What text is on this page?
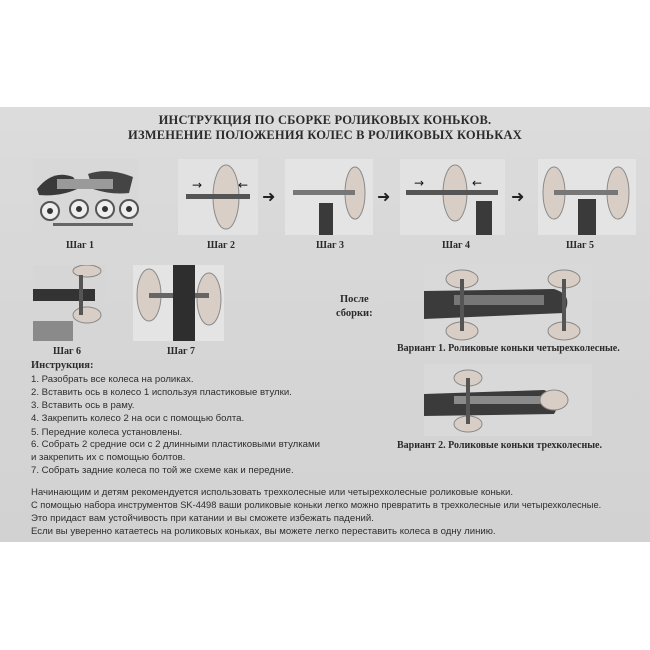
ИНСТРУКЦИЯ ПО СБОРКЕ РОЛИКОВЫХ КОНЬКОВ.
ИЗМЕНЕНИЕ ПОЛОЖЕНИЯ КОЛЕС В РОЛИКОВЫХ КОНЬКАХ
Шаг 1
→	←
Шаг 2
➜
Шаг 3
➜
→	←
Шаг 4
➜
Шаг 5
Шаг 6	Шаг 7
После
сборки:
Вариант 1. Роликовые коньки четырехколесные.
Вариант 2. Роликовые коньки трехколесные.
Инструкция:
1. Разобрать все колеса на роликах.
2. Вставить ось в колесо 1 используя пластиковые втулки.
3. Вставить ось в раму.
4. Закрепить колесо 2 на оси с помощью болта.
5. Передние колеса установлены.
6. Собрать 2 средние оси с 2 длинными пластиковыми втулками
и закрепить их с помощью болтов.
7. Собрать задние колеса по той же схеме как и передние.
Начинающим и детям рекомендуется использовать трехколесные или четырехколесные роликовые коньки.
С помощью набора инструментов SK-4498 ваши роликовые коньки легко можно превратить в трехколесные или четырехколесные.
Это придаст вам устойчивость при катании и вы сможете избежать падений.
Если вы уверенно катаетесь на роликовых коньках, вы можете легко переставить колеса в одну линию.
